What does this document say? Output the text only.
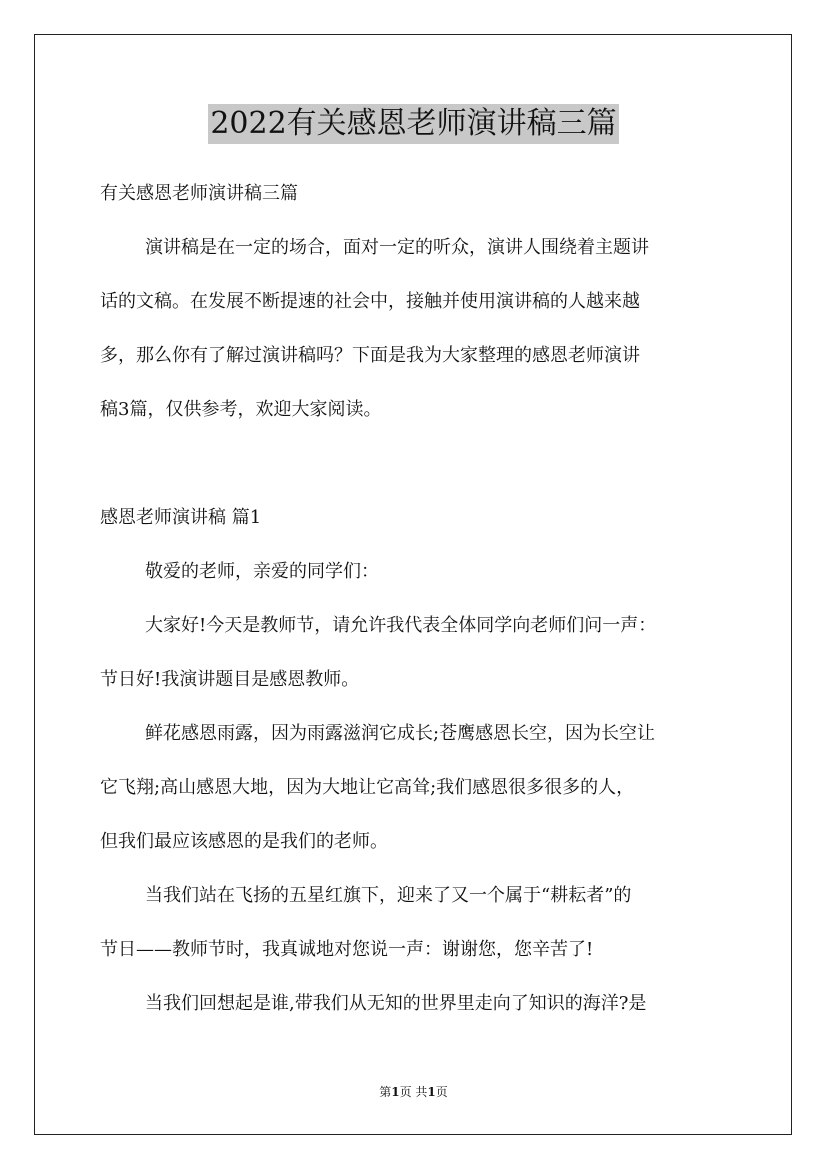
2022有关感恩老师演讲稿三篇
有关感恩老师演讲稿三篇
演讲稿是在一定的场合，面对一定的听众，演讲人围绕着主题讲
话的文稿。在发展不断提速的社会中，接触并使用演讲稿的人越来越
多，那么你有了解过演讲稿吗？下面是我为大家整理的感恩老师演讲
稿3篇，仅供参考，欢迎大家阅读。
感恩老师演讲稿 篇1
敬爱的老师，亲爱的同学们：
大家好!今天是教师节，请允许我代表全体同学向老师们问一声：
节日好!我演讲题目是感恩教师。
鲜花感恩雨露，因为雨露滋润它成长;苍鹰感恩长空，因为长空让
它飞翔;高山感恩大地，因为大地让它高耸;我们感恩很多很多的人，
但我们最应该感恩的是我们的老师。
当我们站在飞扬的五星红旗下，迎来了又一个属于“耕耘者”的
节日——教师节时，我真诚地对您说一声：谢谢您，您辛苦了!
当我们回想起是谁,带我们从无知的世界里走向了知识的海洋?是
第1页 共1页
